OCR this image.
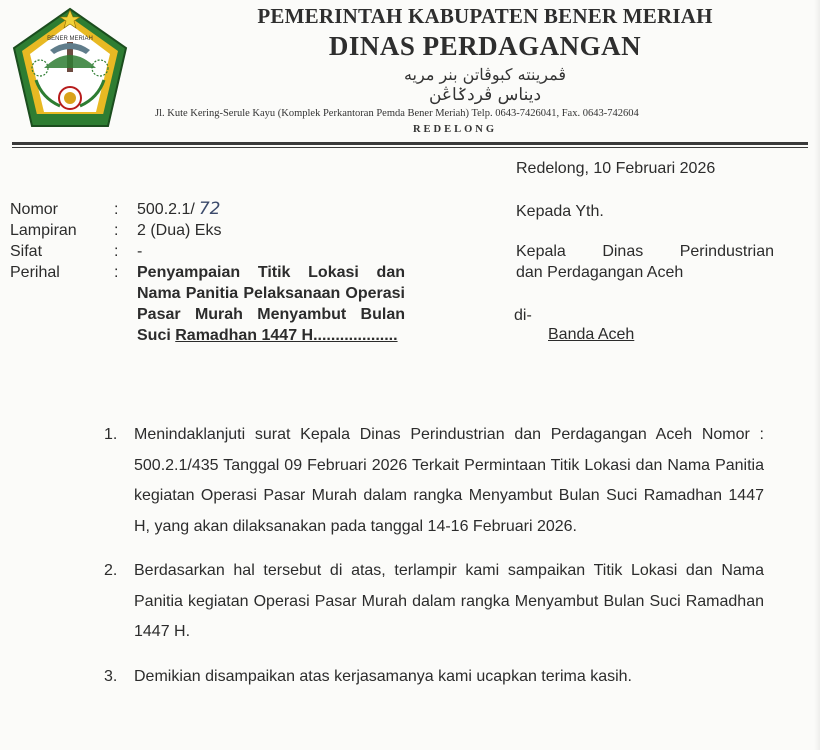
BENER MERIAH
PEMERINTAH KABUPATEN BENER MERIAH
DINAS PERDAGANGAN
ڤمرينته كبوڤاتن بنر مريه
ديناس ڤردݢاڠن
Jl. Kute Kering-Serule Kayu (Komplek Perkantoran Pemda Bener Meriah) Telp. 0643-7426041, Fax. 0643-742604
REDELONG
Redelong, 10 Februari 2026
Nomor	: 500.2.1/ 72
Lampiran	: 2 (Dua) Eks
Sifat	: -
Perihal	: Penyampaian Titik Lokasi dan Nama Panitia Pelaksanaan Operasi Pasar Murah Menyambut Bulan Suci Ramadhan 1447 H...................
Kepada Yth.
Kepala Dinas Perindustrian
dan Perdagangan Aceh
di-
Banda Aceh
1. Menindaklanjuti surat Kepala Dinas Perindustrian dan Perdagangan Aceh Nomor : 500.2.1/435 Tanggal 09 Februari 2026 Terkait Permintaan Titik Lokasi dan Nama Panitia kegiatan Operasi Pasar Murah dalam rangka Menyambut Bulan Suci Ramadhan 1447 H, yang akan dilaksanakan pada tanggal 14-16 Februari 2026.
2. Berdasarkan hal tersebut di atas, terlampir kami sampaikan Titik Lokasi dan Nama Panitia kegiatan Operasi Pasar Murah dalam rangka Menyambut Bulan Suci Ramadhan 1447 H.
3. Demikian disampaikan atas kerjasamanya kami ucapkan terima kasih.
